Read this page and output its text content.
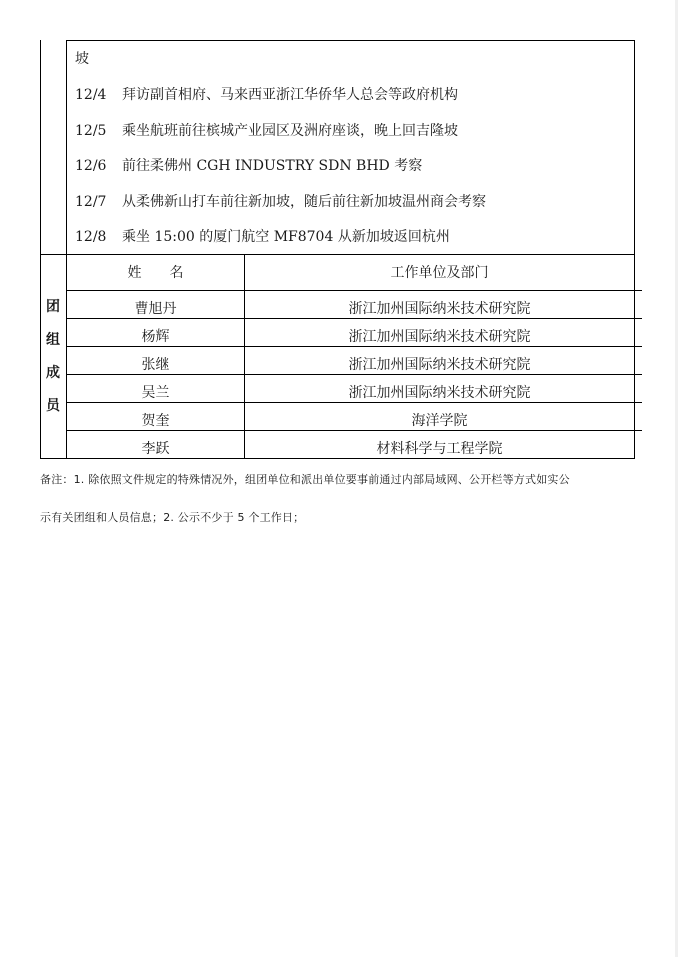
坡
12/4 拜访副首相府、马来西亚浙江华侨华人总会等政府机构
12/5 乘坐航班前往槟城产业园区及洲府座谈，晚上回吉隆坡
12/6 前往柔佛州 CGH INDUSTRY SDN BHD 考察
12/7 从柔佛新山打车前往新加坡，随后前往新加坡温州商会考察
12/8 乘坐 15:00 的厦门航空 MF8704 从新加坡返回杭州
团
组
成
员
姓　　名	工作单位及部门
曹旭丹	浙江加州国际纳米技术研究院
杨辉	浙江加州国际纳米技术研究院
张继	浙江加州国际纳米技术研究院
吴兰	浙江加州国际纳米技术研究院
贺奎	海洋学院
李跃	材料科学与工程学院
备注：1. 除依照文件规定的特殊情况外，组团单位和派出单位要事前通过内部局域网、公开栏等方式如实公
示有关团组和人员信息；2. 公示不少于 5 个工作日；
